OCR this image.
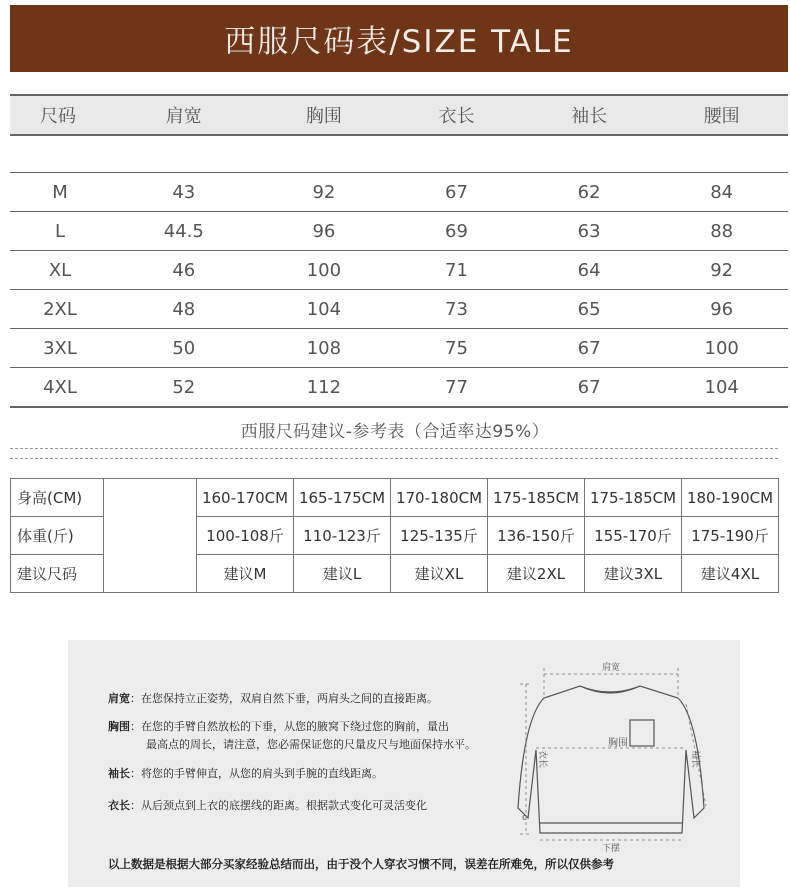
西服尺码表/SIZE TALE
尺码	肩宽	胸围	衣长	袖长	腰围

M	43	92	67	62	84
L	44.5	96	69	63	88
XL	46	100	71	64	92
2XL	48	104	73	65	96
3XL	50	108	75	67	100
4XL	52	112	77	67	104
西服尺码建议-参考表（合适率达95%）
身高(CM)		160-170CM	165-175CM	170-180CM	175-185CM	175-185CM	180-190CM
体重(斤)		100-108斤	110-123斤	125-135斤	136-150斤	155-170斤	175-190斤
建议尺码		建议M	建议L	建议XL	建议2XL	建议3XL	建议4XL
肩宽：在您保持立正姿势，双肩自然下垂，两肩头之间的直接距离。
胸围：在您的手臂自然放松的下垂，从您的腋窝下绕过您的胸前，量出
最高点的周长，请注意，您必需保证您的尺量皮尺与地面保持水平。
袖长：将您的手臂伸直，从您的肩头到手腕的直线距离。
衣长：从后颈点到上衣的底摆线的距离。根据款式变化可灵活变化
以上数据是根据大部分买家经验总结而出，由于没个人穿衣习惯不同，误差在所难免，所以仅供参考
肩宽
胸围
下摆
c
衣长	袖长
